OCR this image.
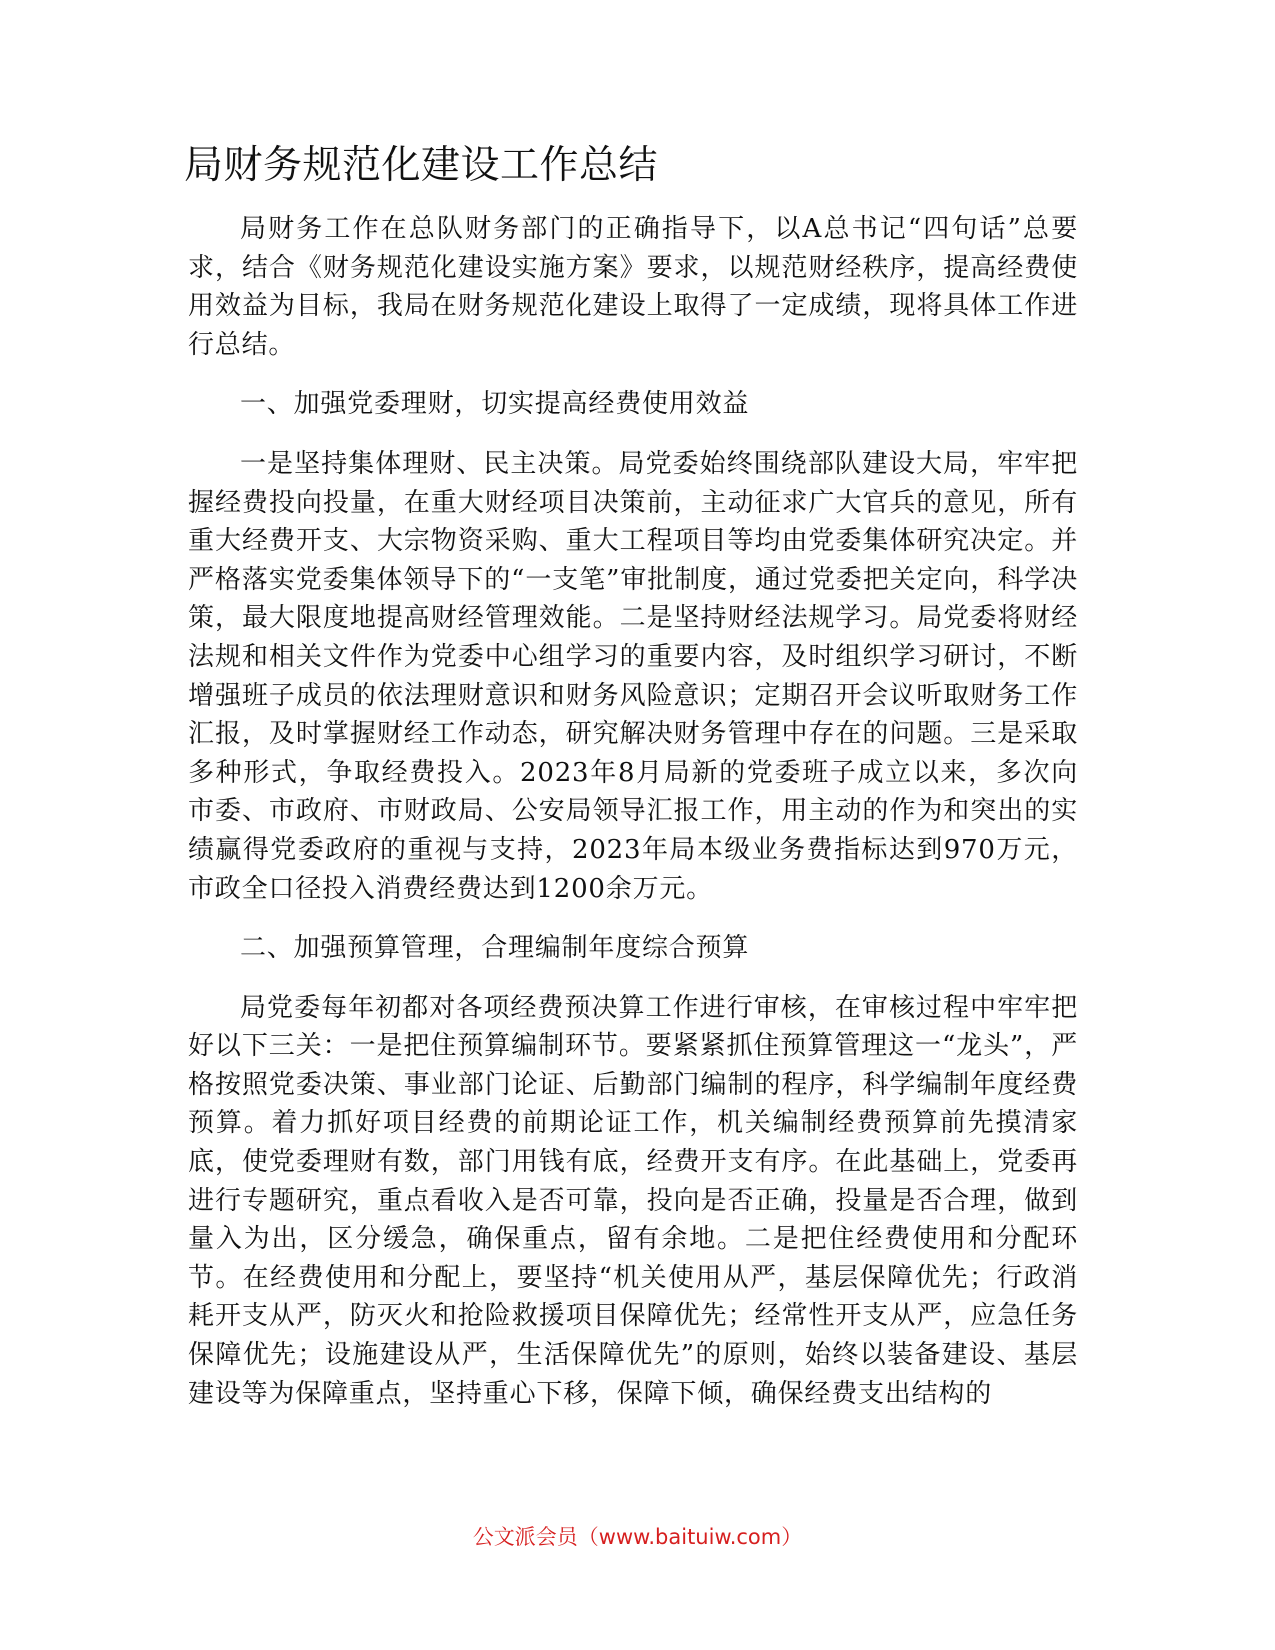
局财务规范化建设工作总结

局财务工作在总队财务部门的正确指导下，以A总书记“四句话”总要求，结合《财务规范化建设实施方案》要求，以规范财经秩序，提高经费使用效益为目标，我局在财务规范化建设上取得了一定成绩，现将具体工作进行总结。

一、加强党委理财，切实提高经费使用效益

一是坚持集体理财、民主决策。局党委始终围绕部队建设大局，牢牢把握经费投向投量，在重大财经项目决策前，主动征求广大官兵的意见，所有重大经费开支、大宗物资采购、重大工程项目等均由党委集体研究决定。并严格落实党委集体领导下的“一支笔”审批制度，通过党委把关定向，科学决策，最大限度地提高财经管理效能。二是坚持财经法规学习。局党委将财经法规和相关文件作为党委中心组学习的重要内容，及时组织学习研讨，不断增强班子成员的依法理财意识和财务风险意识；定期召开会议听取财务工作汇报，及时掌握财经工作动态，研究解决财务管理中存在的问题。三是采取多种形式，争取经费投入。2023年8月局新的党委班子成立以来，多次向市委、市政府、市财政局、公安局领导汇报工作，用主动的作为和突出的实绩赢得党委政府的重视与支持，2023年局本级业务费指标达到970万元，市政全口径投入消费经费达到1200余万元。

二、加强预算管理，合理编制年度综合预算

局党委每年初都对各项经费预决算工作进行审核，在审核过程中牢牢把好以下三关：一是把住预算编制环节。要紧紧抓住预算管理这一“龙头”，严格按照党委决策、事业部门论证、后勤部门编制的程序，科学编制年度经费预算。着力抓好项目经费的前期论证工作，机关编制经费预算前先摸清家底，使党委理财有数，部门用钱有底，经费开支有序。在此基础上，党委再进行专题研究，重点看收入是否可靠，投向是否正确，投量是否合理，做到量入为出，区分缓急，确保重点，留有余地。二是把住经费使用和分配环节。在经费使用和分配上，要坚持“机关使用从严，基层保障优先；行政消耗开支从严，防灭火和抢险救援项目保障优先；经常性开支从严，应急任务保障优先；设施建设从严，生活保障优先”的原则，始终以装备建设、基层建设等为保障重点，坚持重心下移，保障下倾，确保经费支出结构的

公文派会员（www.baituiw.com）
